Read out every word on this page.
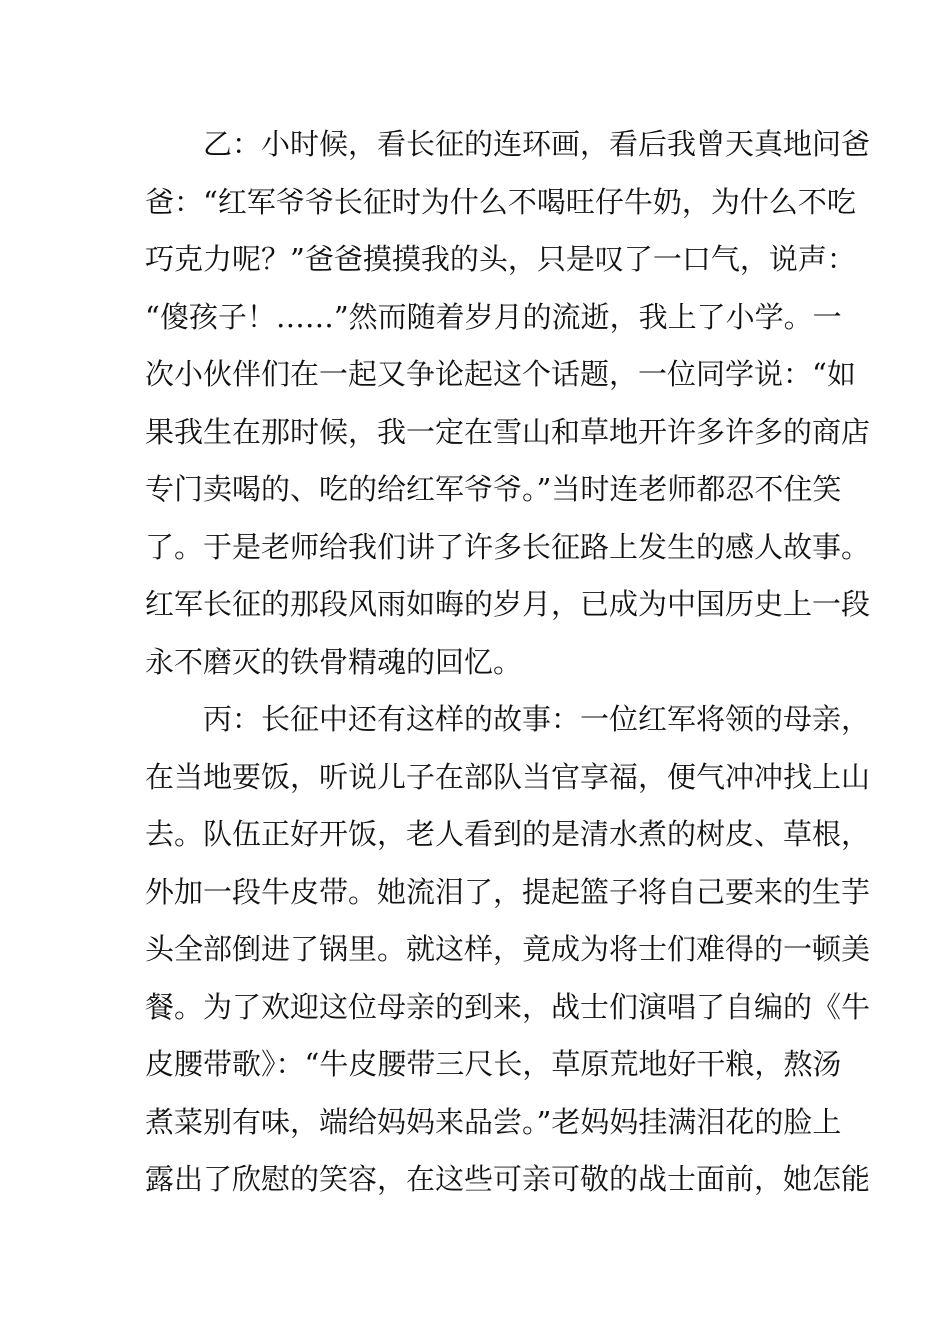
乙：小时候，看长征的连环画，看后我曾天真地问爸
爸：“红军爷爷长征时为什么不喝旺仔牛奶，为什么不吃
巧克力呢？”爸爸摸摸我的头，只是叹了一口气，说声：
“傻孩子！……”然而随着岁月的流逝，我上了小学。一
次小伙伴们在一起又争论起这个话题，一位同学说：“如
果我生在那时候，我一定在雪山和草地开许多许多的商店
专门卖喝的、吃的给红军爷爷。”当时连老师都忍不住笑
了。于是老师给我们讲了许多长征路上发生的感人故事。
红军长征的那段风雨如晦的岁月，已成为中国历史上一段
永不磨灭的铁骨精魂的回忆。
丙：长征中还有这样的故事：一位红军将领的母亲，
在当地要饭，听说儿子在部队当官享福，便气冲冲找上山
去。队伍正好开饭，老人看到的是清水煮的树皮、草根，
外加一段牛皮带。她流泪了，提起篮子将自己要来的生芋
头全部倒进了锅里。就这样，竟成为将士们难得的一顿美
餐。为了欢迎这位母亲的到来，战士们演唱了自编的《牛
皮腰带歌》：“牛皮腰带三尺长，草原荒地好干粮，熬汤
煮菜别有味，端给妈妈来品尝。”老妈妈挂满泪花的脸上
露出了欣慰的笑容，在这些可亲可敬的战士面前，她怎能
